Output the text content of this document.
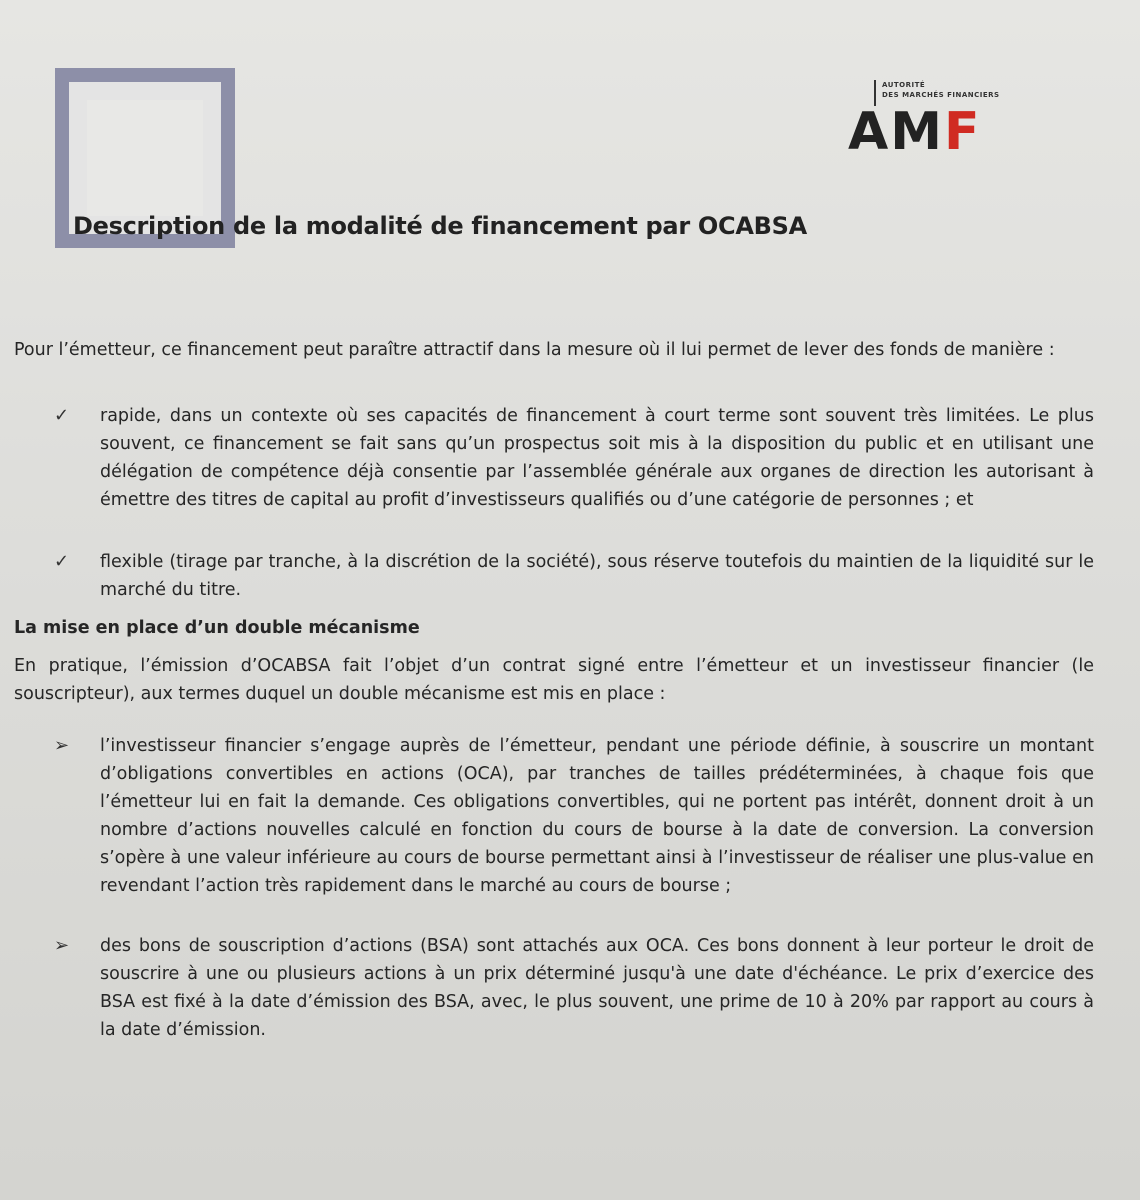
AUTORITÉ
DES MARCHÉS FINANCIERS
AMF
Description de la modalité de financement par OCABSA

Pour l’émetteur, ce financement peut paraître attractif dans la mesure où il lui permet de lever des fonds de manière :

✓ rapide, dans un contexte où ses capacités de financement à court terme sont souvent très limitées. Le plus souvent, ce financement se fait sans qu’un prospectus soit mis à la disposition du public et en utilisant une délégation de compétence déjà consentie par l’assemblée générale aux organes de direction les autorisant à émettre des titres de capital au profit d’investisseurs qualifiés ou d’une catégorie de personnes ; et
✓ flexible (tirage par tranche, à la discrétion de la société), sous réserve toutefois du maintien de la liquidité sur le marché du titre.

La mise en place d’un double mécanisme

En pratique, l’émission d’OCABSA fait l’objet d’un contrat signé entre l’émetteur et un investisseur financier (le souscripteur), aux termes duquel un double mécanisme est mis en place :

➢ l’investisseur financier s’engage auprès de l’émetteur, pendant une période définie, à souscrire un montant d’obligations convertibles en actions (OCA), par tranches de tailles prédéterminées, à chaque fois que l’émetteur lui en fait la demande. Ces obligations convertibles, qui ne portent pas intérêt, donnent droit à un nombre d’actions nouvelles calculé en fonction du cours de bourse à la date de conversion. La conversion s’opère à une valeur inférieure au cours de bourse permettant ainsi à l’investisseur de réaliser une plus-value en revendant l’action très rapidement dans le marché au cours de bourse ;
➢ des bons de souscription d’actions (BSA) sont attachés aux OCA. Ces bons donnent à leur porteur le droit de souscrire à une ou plusieurs actions à un prix déterminé jusqu'à une date d'échéance. Le prix d’exercice des BSA est fixé à la date d’émission des BSA, avec, le plus souvent, une prime de 10 à 20% par rapport au cours à la date d’émission.
